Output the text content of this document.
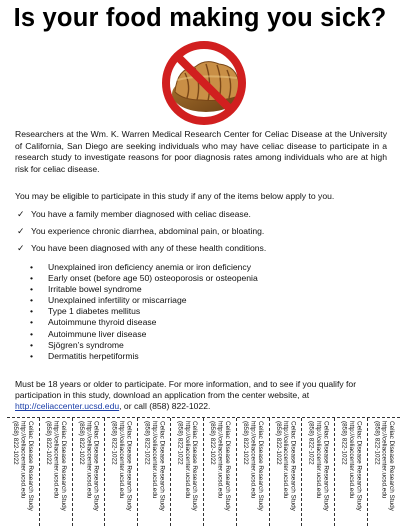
Is your food making you sick?
Researchers at the Wm. K. Warren Medical Research Center for Celiac Disease at the University of California, San Diego are seeking individuals who may have celiac disease to participate in a research study to investigate reasons for poor diagnosis rates among individuals who are at high risk for celiac disease.
You may be eligible to participate in this study if any of the items below apply to you.
✓ You have a family member diagnosed with celiac disease.
✓ You experience chronic diarrhea, abdominal pain, or bloating.
✓ You have been diagnosed with any of these health conditions.
•	Unexplained iron deficiency anemia or iron deficiency
•	Early onset (before age 50) osteoporosis or osteopenia
•	Irritable bowel syndrome
•	Unexplained infertility or miscarriage
•	Type 1 diabetes mellitus
•	Autoimmune thyroid disease
•	Autoimmune liver disease
•	Sjögren’s syndrome
•	Dermatitis herpetiformis
Must be 18 years or older to participate. For more information, and to see if you qualify for participation in this study, download an application from the center website, at http://celiaccenter.ucsd.edu, or call (858) 822-1022.
Celiac Disease Research Study
http://celiaccenter.ucsd.edu
(858) 822-1022	Celiac Disease Research Study
http://celiaccenter.ucsd.edu
(858) 822-1022	Celiac Disease Research Study
http://celiaccenter.ucsd.edu
(858) 822-1022	Celiac Disease Research Study
http://celiaccenter.ucsd.edu
(858) 822-1022	Celiac Disease Research Study
http://celiaccenter.ucsd.edu
(858) 822-1022	Celiac Disease Research Study
http://celiaccenter.ucsd.edu
(858) 822-1022	Celiac Disease Research Study
http://celiaccenter.ucsd.edu
(858) 822-1022	Celiac Disease Research Study
http://celiaccenter.ucsd.edu
(858) 822-1022	Celiac Disease Research Study
http://celiaccenter.ucsd.edu
(858) 822-1022	Celiac Disease Research Study
http://celiaccenter.ucsd.edu
(858) 822-1022	Celiac Disease Research Study
http://celiaccenter.ucsd.edu
(858) 822-1022	Celiac Disease Research Study
http://celiaccenter.ucsd.edu
(858) 822-1022
